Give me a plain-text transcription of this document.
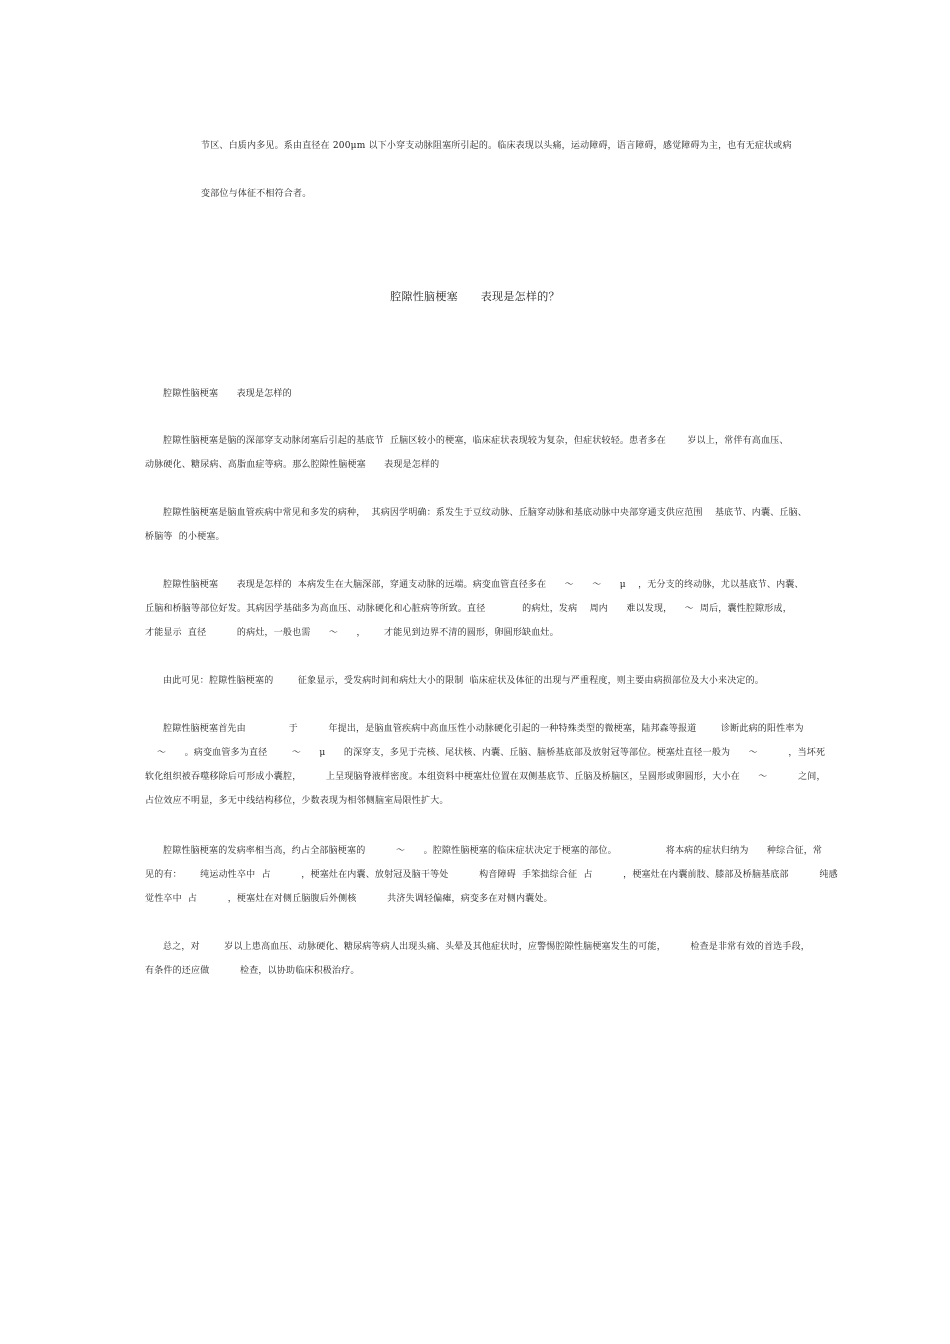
节区、白质内多见。系由直径在 200μm 以下小穿支动脉阻塞所引起的。临床表现以头痛，运动障碍，语言障碍，感觉障碍为主，也有无症状或病
变部位与体征不相符合者。
腔隙性脑梗塞      表现是怎样的？
腔隙性脑梗塞      表现是怎样的
腔隙性脑梗塞是脑的深部穿支动脉闭塞后引起的基底节  丘脑区较小的梗塞，临床症状表现较为复杂，但症状较轻。患者多在       岁以上，常伴有高血压、
动脉硬化、糖尿病、高脂血症等病。那么腔隙性脑梗塞      表现是怎样的
腔隙性脑梗塞是脑血管疾病中常见和多发的病种，  其病因学明确：系发生于豆纹动脉、丘脑穿动脉和基底动脉中央部穿通支供应范围    基底节、内囊、丘脑、
桥脑等  的小梗塞。
腔隙性脑梗塞      表现是怎样的  本病发生在大脑深部，穿通支动脉的远端。病变血管直径多在      ～      ～      μ    ，无分支的终动脉，尤以基底节、内囊、
丘脑和桥脑等部位好发。其病因学基础多为高血压、动脉硬化和心脏病等所致。直径            的病灶，发病    周内      难以发现，    ～  周后，囊性腔隙形成，
才能显示  直径          的病灶，一般也需      ～      ，      才能见到边界不清的圆形，卵圆形缺血灶。
由此可见：腔隙性脑梗塞的        征象显示，受发病时间和病灶大小的限制  临床症状及体征的出现与严重程度，则主要由病损部位及大小来决定的。
腔隙性脑梗塞首先由              于          年提出，是脑血管疾病中高血压性小动脉硬化引起的一种特殊类型的微梗塞，陆邦森等报道        诊断此病的阳性率为
～      。病变血管多为直径        ～      μ      的深穿支，多见于壳核、尾状核、内囊、丘脑、脑桥基底部及放射冠等部位。梗塞灶直径一般为      ～          ，当坏死
软化组织被吞噬移除后可形成小囊腔，        上呈现脑脊液样密度。本组资料中梗塞灶位置在双侧基底节、丘脑及桥脑区，呈圆形或卵圆形，大小在      ～          之间，
占位效应不明显，多无中线结构移位，少数表现为相邻侧脑室局限性扩大。
腔隙性脑梗塞的发病率相当高，约占全部脑梗塞的          ～      。腔隙性脑梗塞的临床症状决定于梗塞的部位。                将本病的症状归纳为      种综合征，常
见的有：      纯运动性卒中  占          ，梗塞灶在内囊、放射冠及脑干等处          构音障碍  手笨拙综合征  占          ，梗塞灶在内囊前肢、膝部及桥脑基底部          纯感
觉性卒中  占          ，梗塞灶在对侧丘脑腹后外侧核          共济失调轻偏瘫，病变多在对侧内囊处。
总之，对        岁以上患高血压、动脉硬化、糖尿病等病人出现头痛、头晕及其他症状时，应警惕腔隙性脑梗塞发生的可能，        检查是非常有效的首选手段，
有条件的还应做          检查，以协助临床积极治疗。
